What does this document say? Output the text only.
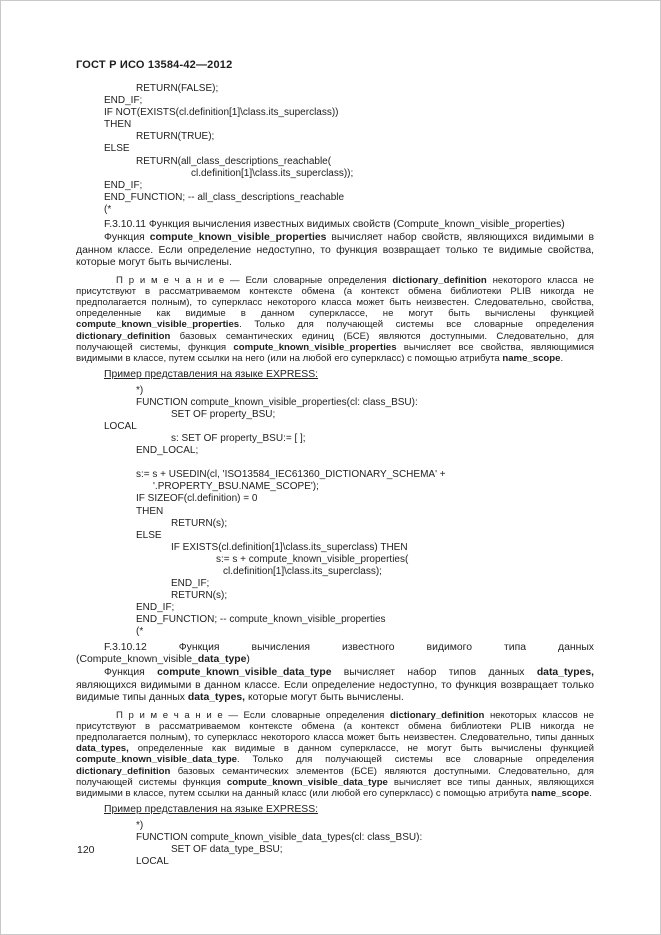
ГОСТ Р ИСО 13584-42—2012
RETURN(FALSE);
END_IF;
IF NOT(EXISTS(cl.definition[1]\class.its_superclass))
THEN
RETURN(TRUE);
ELSE
RETURN(all_class_descriptions_reachable(
cl.definition[1]\class.its_superclass));
END_IF;
END_FUNCTION; -- all_class_descriptions_reachable
(*

F.3.10.11 Функция вычисления известных видимых свойств (Compute_known_visible_properties)

Функция compute_known_visible_properties вычисляет набор свойств, являющихся видимыми в данном классе. Если определение недоступно, то функция возвращает только те видимые свойства, которые могут быть вычислены.

П р и м е ч а н и е — Если словарные определения dictionary_definition некоторого класса не присутствуют в рассматриваемом контексте обмена (а контекст обмена библиотеки PLIB никогда не предполагается полным), то суперкласс некоторого класса может быть неизвестен. Следовательно, свойства, определенные как видимые в данном суперклассе, не могут быть вычислены функцией compute_known_visible_properties. Только для получающей системы все словарные определения dictionary_definition базовых семантических единиц (БСЕ) являются доступными. Следовательно, для получающей системы, функция compute_known_visible_properties вычисляет все свойства, являющимися видимыми в классе, путем ссылки на него (или на любой его суперкласс) с помощью атрибута name_scope.

Пример представления на языке EXPRESS:

*)
FUNCTION compute_known_visible_properties(cl: class_BSU):
SET OF property_BSU;
LOCAL
s: SET OF property_BSU:= [ ];
END_LOCAL;
s:= s + USEDIN(cl, 'ISO13584_IEC61360_DICTIONARY_SCHEMA' +
'.PROPERTY_BSU.NAME_SCOPE');
IF SIZEOF(cl.definition) = 0
THEN
RETURN(s);
ELSE
IF EXISTS(cl.definition[1]\class.its_superclass) THEN
s:= s + compute_known_visible_properties(
cl.definition[1]\class.its_superclass);
END_IF;
RETURN(s);
END_IF;
END_FUNCTION; -- compute_known_visible_properties
(*

F.3.10.12 Функция вычисления известного видимого типа данных (Compute_known_visible_data_type)

Функция compute_known_visible_data_type вычисляет набор типов данных data_types, являющихся видимыми в данном классе. Если определение недоступно, то функция возвращает только видимые типы данных data_types, которые могут быть вычислены.

П р и м е ч а н и е — Если словарные определения dictionary_definition некоторых классов не присутствуют в рассматриваемом контексте обмена (а контекст обмена библиотеки PLIB никогда не предполагается полным), то суперкласс некоторого класса может быть неизвестен. Следовательно, типы данных data_types, определенные как видимые в данном суперклассе, не могут быть вычислены функцией compute_known_visible_data_type. Только для получающей системы все словарные определения dictionary_definition базовых семантических элементов (БСЕ) являются доступными. Следовательно, для получающей системы функция compute_known_visible_data_type вычисляет все типы данных, являющихся видимыми в классе, путем ссылки на данный класс (или любой его суперкласс) с помощью атрибута name_scope.

Пример представления на языке EXPRESS:

*)
FUNCTION compute_known_visible_data_types(cl: class_BSU):
SET OF data_type_BSU;
LOCAL
120
